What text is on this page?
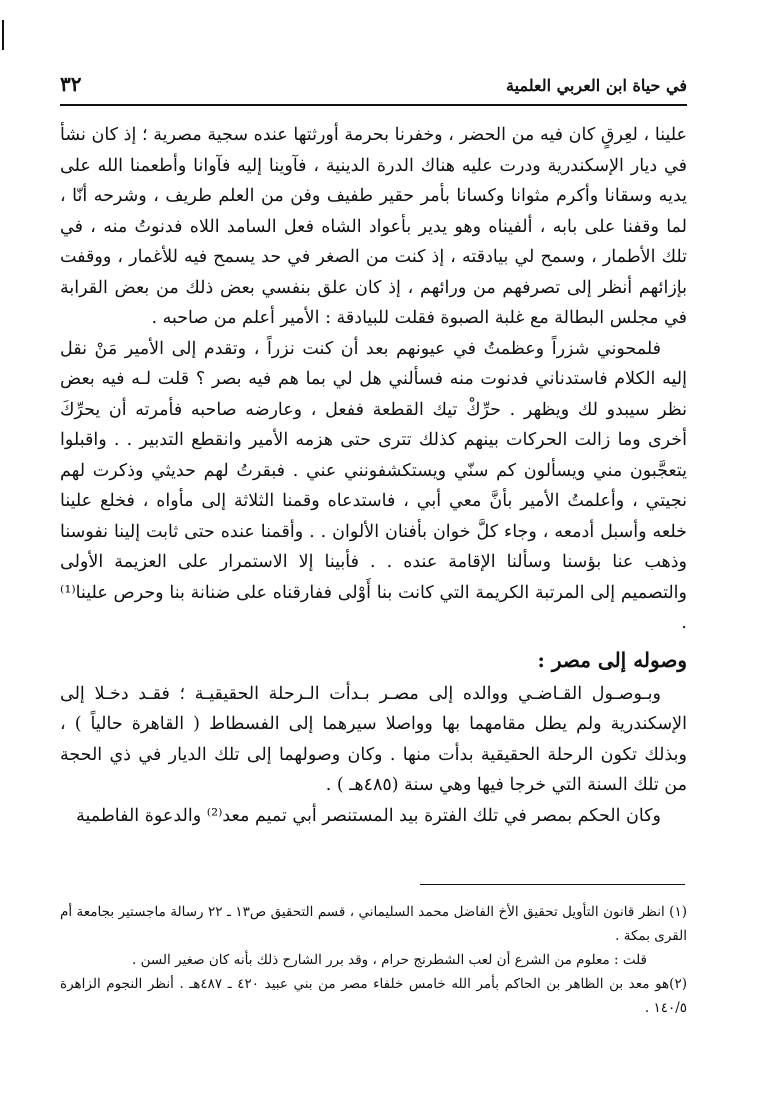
في حياة ابن العربي العلمية
٣٢

علينا ، لعِرقٍ كان فيه من الحضر ، وخفرنا بحرمة أورثتها عنده سجية مصرية ؛ إذ كان نشأ في ديار الإسكندرية ودرت عليه هناك الدرة الدينية ، فآوينا إليه فآوانا وأطعمنا الله على يديه وسقانا وأكرم مثوانا وكسانا بأمر حقير طفيف وفن من العلم طريف ، وشرحه أنّا ، لما وقفنا على بابه ، ألفيناه وهو يدير بأعواد الشاه فعل السامد اللاه فدنوتُ منه ، في تلك الأطمار ، وسمح لي بيادقته ، إذ كنت من الصغر في حد يسمح فيه للأغمار ، ووقفت بإزائهم أنظر إلى تصرفهم من ورائهم ، إذ كان علق بنفسي بعض ذلك من بعض القرابة في مجلس البطالة مع غلبة الصبوة فقلت للبيادقة : الأمير أعلم من صاحبه .

فلمحوني شزراً وعظمتُ في عيونهم بعد أن كنت نزراً ، وتقدم إلى الأمير مَنْ نقل إليه الكلام فاستدناني فدنوت منه فسألني هل لي بما هم فيه بصر ؟ قلت لـه فيه بعض نظر سيبدو لك ويظهر . حرِّكْ تيك القطعة ففعل ، وعارضه صاحبه فأمرته أن يحرِّكَ أخرى وما زالت الحركات بينهم كذلك تترى حتى هزمه الأمير وانقطع التدبير . . واقبلوا يتعجَّبون مني ويسألون كم سنّي ويستكشفونني عني . فبقرتُ لهم حديثي وذكرت لهم نجيتي ، وأعلمتُ الأمير بأنَّ معي أبي ، فاستدعاه وقمنا الثلاثة إلى مأواه ، فخلع علينا خلعه وأسبل أدمعه ، وجاء كلَّ خوان بأفنان الألوان . . وأقمنا عنده حتى ثابت إلينا نفوسنا وذهب عنا بؤسنا وسألنا الإقامة عنده . . فأبينا إلا الاستمرار على العزيمة الأولى والتصميم إلى المرتبة الكريمة التي كانت بنا أَوْلى ففارقناه على ضنانة بنا وحرص علينا⁽¹⁾ .

وصوله إلى مصر :

وبـوصـول القـاضـي ووالده إلى مصـر بـدأت الـرحلة الحقيقيـة ؛ فقـد دخـلا إلى الإسكندرية ولم يطل مقامهما بها وواصلا سيرهما إلى الفسطاط ( القاهرة حالياً ) ، وبذلك تكون الرحلة الحقيقية بدأت منها . وكان وصولهما إلى تلك الديار في ذي الحجة من تلك السنة التي خرجا فيها وهي سنة (٤٨٥هـ ) .

وكان الحكم بمصر في تلك الفترة بيد المستنصر أبي تميم معد⁽²⁾ والدعوة الفاطمية

(١) انظر قانون التأويل تحقيق الأخ الفاضل محمد السليماني ، قسم التحقيق ص١٣ ـ ٢٢ رسالة ماجستير بجامعة أم القرى بمكة .

قلت : معلوم من الشرع أن لعب الشطرنج حرام ، وقد برر الشارح ذلك بأنه كان صغير السن .

(٢)هو معد بن الظاهر بن الحاكم بأمر الله خامس خلفاء مصر من بني عبيد ٤٢٠ ـ ٤٨٧هـ . أنظر النجوم الزاهرة ١٤٠/٥ .
